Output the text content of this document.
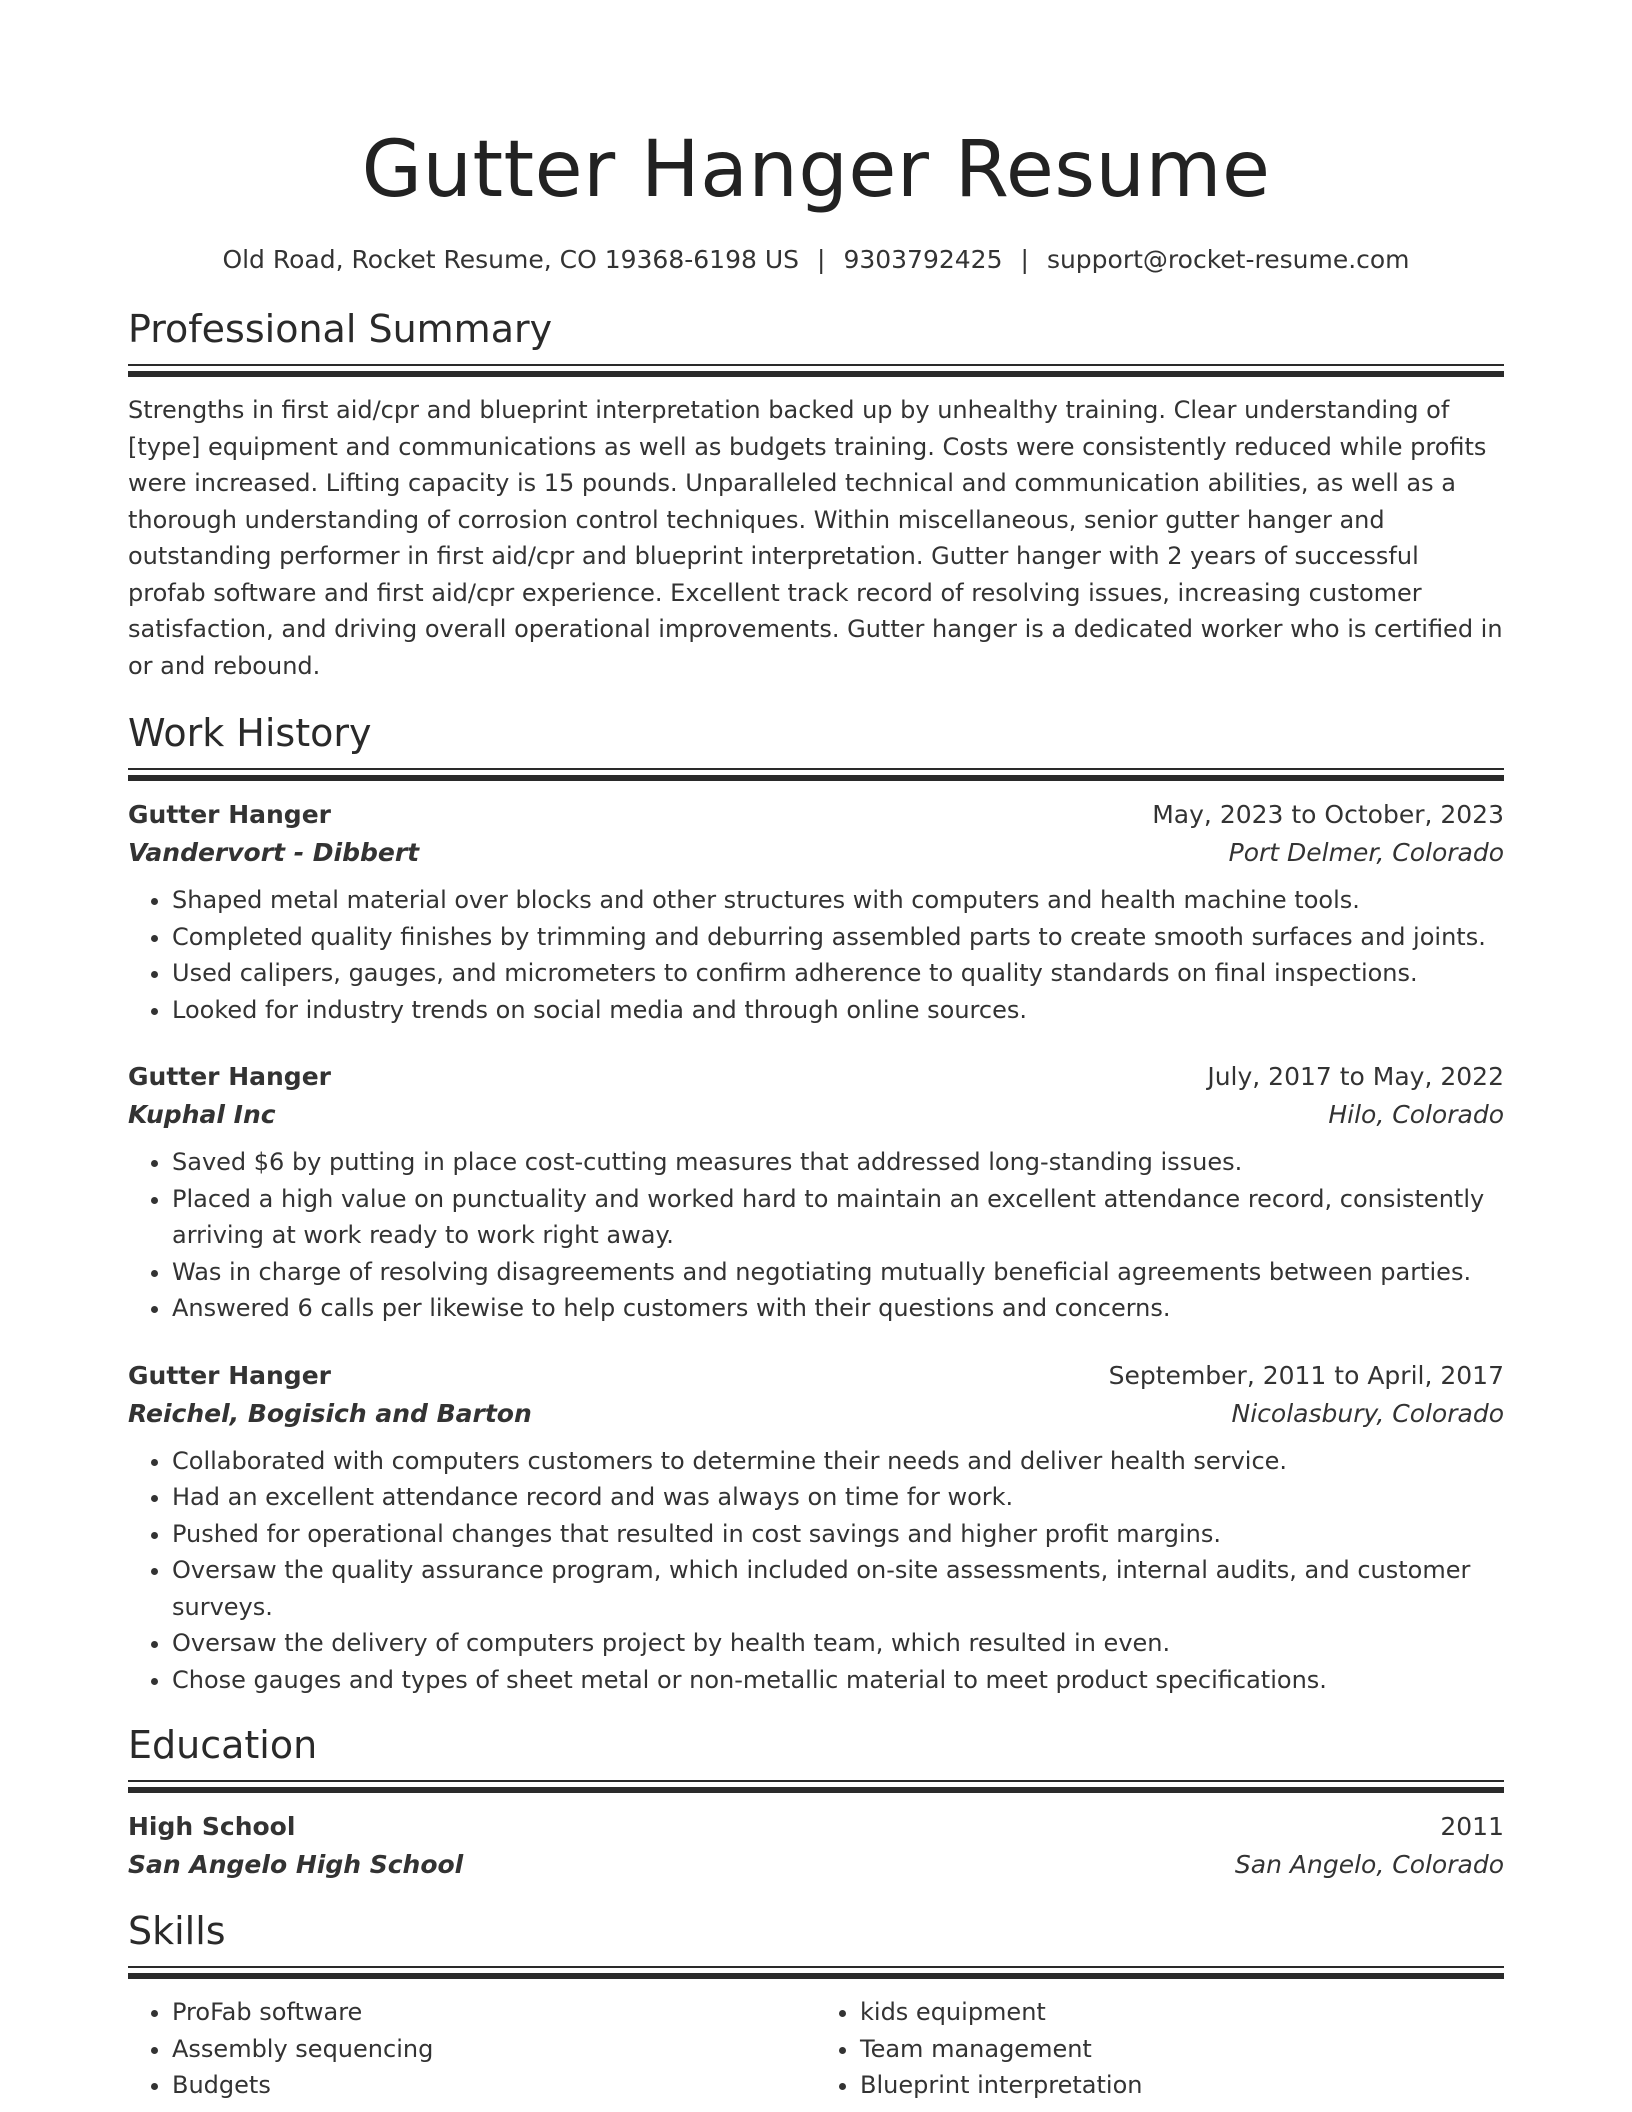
Gutter Hanger Resume
Old Road, Rocket Resume, CO 19368-6198 US | 9303792425 | support@rocket-resume.com
Professional Summary
Strengths in first aid/cpr and blueprint interpretation backed up by unhealthy training. Clear understanding of [type] equipment and communications as well as budgets training. Costs were consistently reduced while profits were increased. Lifting capacity is 15 pounds. Unparalleled technical and communication abilities, as well as a thorough understanding of corrosion control techniques. Within miscellaneous, senior gutter hanger and outstanding performer in first aid/cpr and blueprint interpretation. Gutter hanger with 2 years of successful profab software and first aid/cpr experience. Excellent track record of resolving issues, increasing customer satisfaction, and driving overall operational improvements. Gutter hanger is a dedicated worker who is certified in or and rebound.
Work History
Gutter Hanger	May, 2023 to October, 2023
Vandervort - Dibbert	Port Delmer, Colorado
• Shaped metal material over blocks and other structures with computers and health machine tools.
• Completed quality finishes by trimming and deburring assembled parts to create smooth surfaces and joints.
• Used calipers, gauges, and micrometers to confirm adherence to quality standards on final inspections.
• Looked for industry trends on social media and through online sources.
Gutter Hanger	July, 2017 to May, 2022
Kuphal Inc	Hilo, Colorado
• Saved $6 by putting in place cost-cutting measures that addressed long-standing issues.
• Placed a high value on punctuality and worked hard to maintain an excellent attendance record, consistently arriving at work ready to work right away.
• Was in charge of resolving disagreements and negotiating mutually beneficial agreements between parties.
• Answered 6 calls per likewise to help customers with their questions and concerns.
Gutter Hanger	September, 2011 to April, 2017
Reichel, Bogisich and Barton	Nicolasbury, Colorado
• Collaborated with computers customers to determine their needs and deliver health service.
• Had an excellent attendance record and was always on time for work.
• Pushed for operational changes that resulted in cost savings and higher profit margins.
• Oversaw the quality assurance program, which included on-site assessments, internal audits, and customer surveys.
• Oversaw the delivery of computers project by health team, which resulted in even.
• Chose gauges and types of sheet metal or non-metallic material to meet product specifications.
Education
High School	2011
San Angelo High School	San Angelo, Colorado
Skills
• ProFab software
• Assembly sequencing
• Budgets
• kids equipment
• Team management
• Blueprint interpretation
